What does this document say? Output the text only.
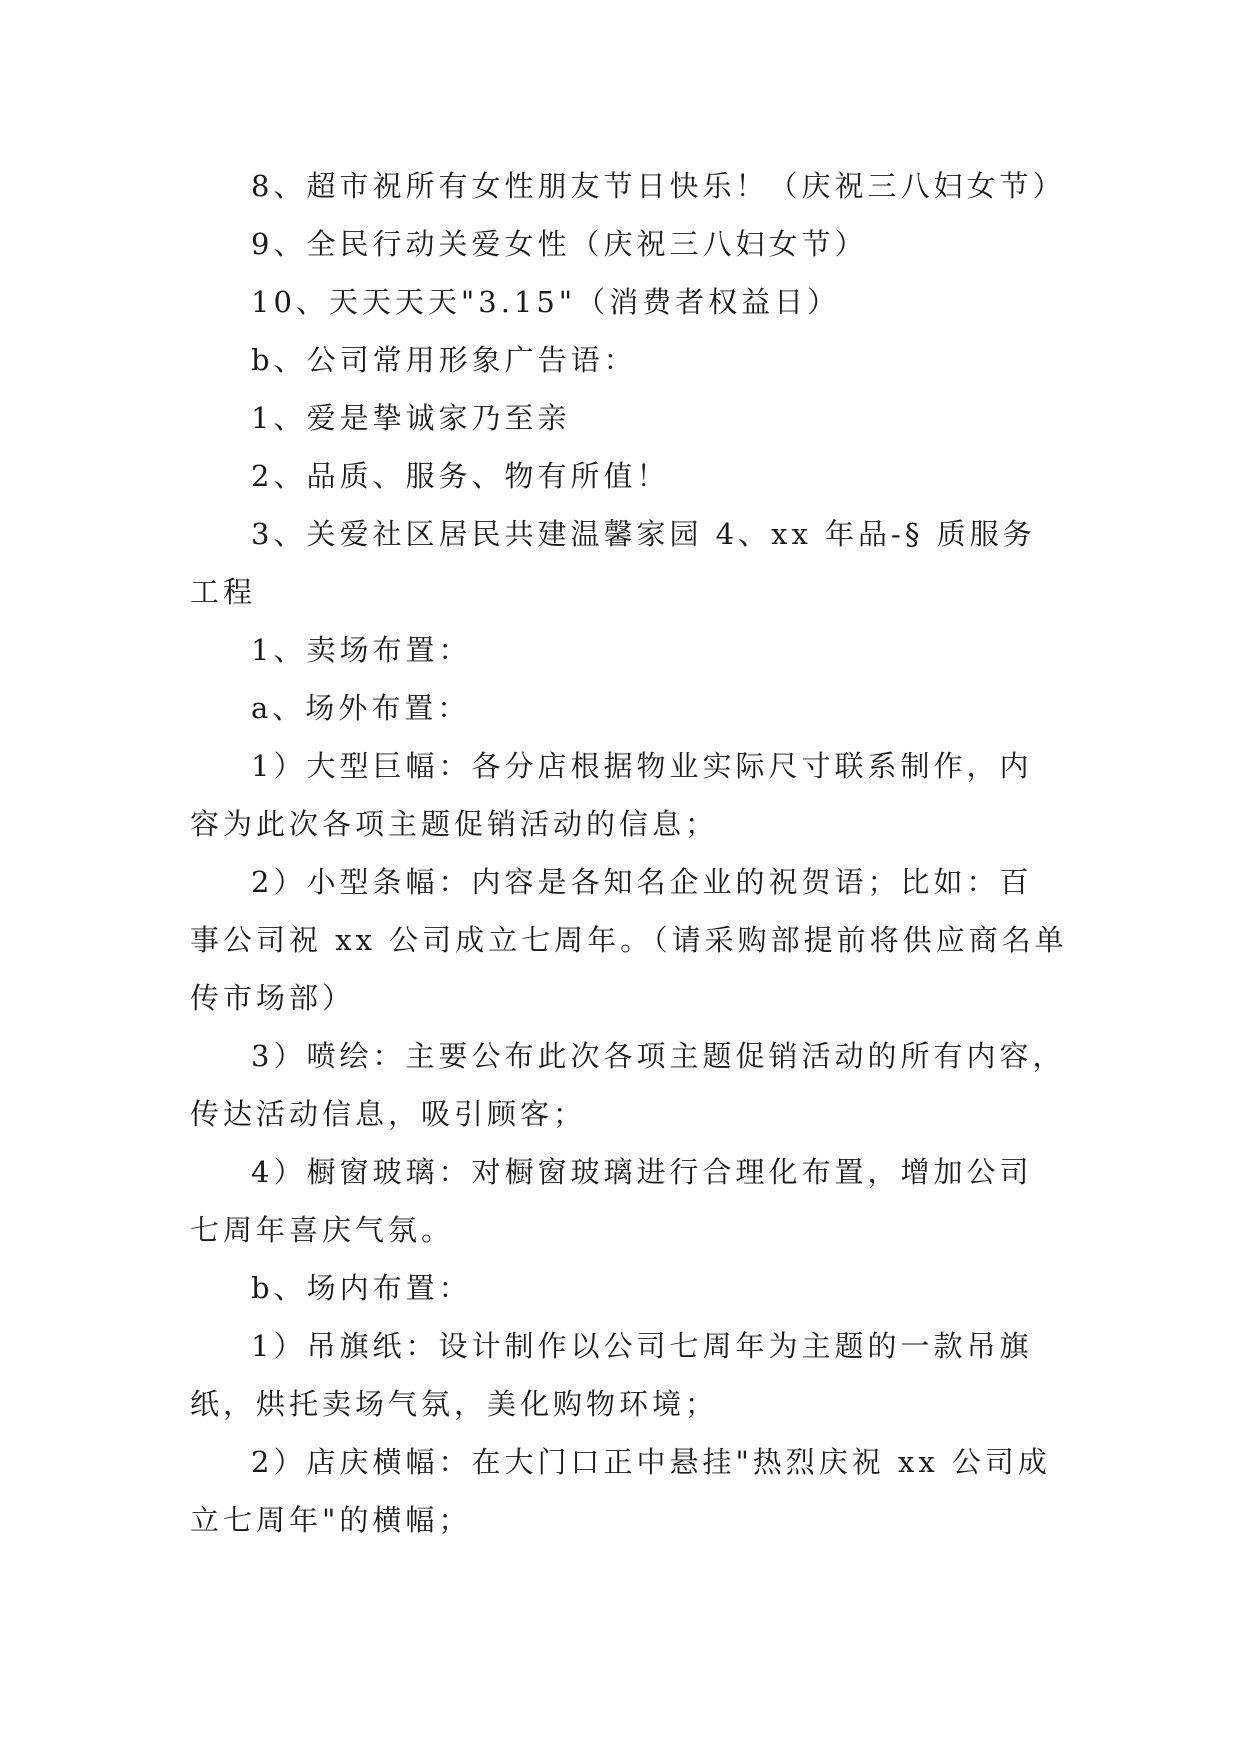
8、超市祝所有女性朋友节日快乐！（庆祝三八妇女节）
9、全民行动关爱女性（庆祝三八妇女节）
10、天天天天"3.15"（消费者权益日）
b、公司常用形象广告语：
1、爱是挚诚家乃至亲
2、品质、服务、物有所值！
3、关爱社区居民共建温馨家园 4、xx 年品-§ 质服务
工程
1、卖场布置：
a、场外布置：
1）大型巨幅：各分店根据物业实际尺寸联系制作，内
容为此次各项主题促销活动的信息；
2）小型条幅：内容是各知名企业的祝贺语；比如：百
事公司祝 xx 公司成立七周年。（请采购部提前将供应商名单
传市场部）
3）喷绘：主要公布此次各项主题促销活动的所有内容，
传达活动信息，吸引顾客；
4）橱窗玻璃：对橱窗玻璃进行合理化布置，增加公司
七周年喜庆气氛。
b、场内布置：
1）吊旗纸：设计制作以公司七周年为主题的一款吊旗
纸，烘托卖场气氛，美化购物环境；
2）店庆横幅：在大门口正中悬挂"热烈庆祝 xx 公司成
立七周年"的横幅；
